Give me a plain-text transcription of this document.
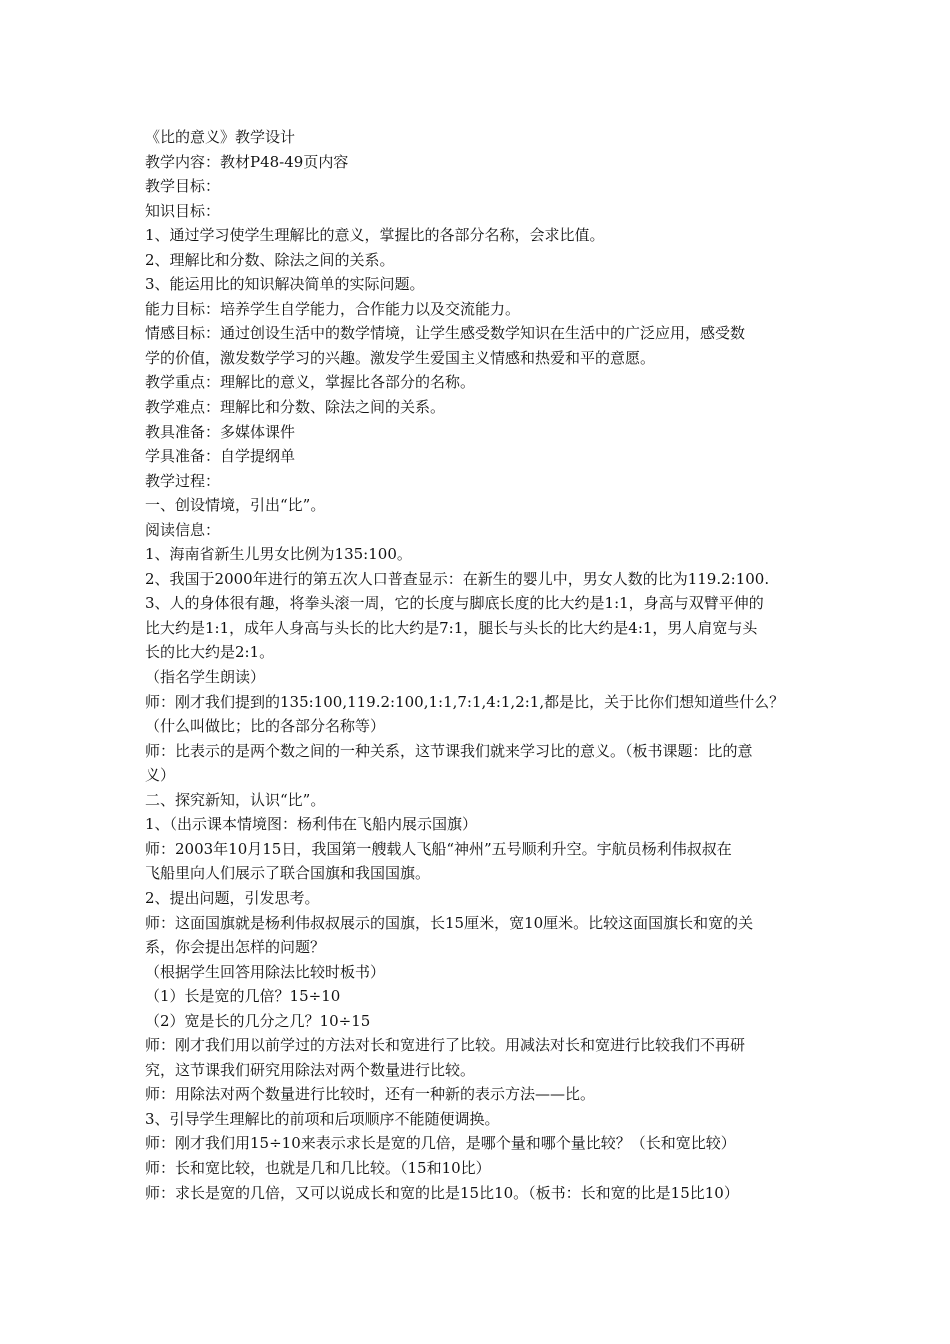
《比的意义》教学设计
教学内容：教材P48-49页内容
教学目标：
知识目标：
1、通过学习使学生理解比的意义，掌握比的各部分名称，会求比值。
2、理解比和分数、除法之间的关系。
3、能运用比的知识解决简单的实际问题。
能力目标：培养学生自学能力，合作能力以及交流能力。
情感目标：通过创设生活中的数学情境，让学生感受数学知识在生活中的广泛应用，感受数
学的价值，激发数学学习的兴趣。激发学生爱国主义情感和热爱和平的意愿。
教学重点：理解比的意义，掌握比各部分的名称。
教学难点：理解比和分数、除法之间的关系。
教具准备：多媒体课件
学具准备：自学提纲单
教学过程：
一、创设情境，引出“比”。
阅读信息：
1、海南省新生儿男女比例为135:100。
2、我国于2000年进行的第五次人口普查显示：在新生的婴儿中，男女人数的比为119.2:100.
3、人的身体很有趣，将拳头滚一周，它的长度与脚底长度的比大约是1:1，身高与双臂平伸的
比大约是1:1，成年人身高与头长的比大约是7:1，腿长与头长的比大约是4:1，男人肩宽与头
长的比大约是2:1。
（指名学生朗读）
师：刚才我们提到的135:100,119.2:100,1:1,7:1,4:1,2:1,都是比，关于比你们想知道些什么？
（什么叫做比；比的各部分名称等）
师：比表示的是两个数之间的一种关系，这节课我们就来学习比的意义。（板书课题：比的意
义）
二、探究新知，认识“比”。
1、（出示课本情境图：杨利伟在飞船内展示国旗）
师：2003年10月15日，我国第一艘载人飞船“神州”五号顺利升空。宇航员杨利伟叔叔在
飞船里向人们展示了联合国旗和我国国旗。
2、提出问题，引发思考。
师：这面国旗就是杨利伟叔叔展示的国旗，长15厘米，宽10厘米。比较这面国旗长和宽的关
系，你会提出怎样的问题？
（根据学生回答用除法比较时板书）
（1）长是宽的几倍？15÷10
（2）宽是长的几分之几？10÷15
师：刚才我们用以前学过的方法对长和宽进行了比较。用减法对长和宽进行比较我们不再研
究，这节课我们研究用除法对两个数量进行比较。
师：用除法对两个数量进行比较时，还有一种新的表示方法——比。
3、引导学生理解比的前项和后项顺序不能随便调换。
师：刚才我们用15÷10来表示求长是宽的几倍，是哪个量和哪个量比较？（长和宽比较）
师：长和宽比较，也就是几和几比较。（15和10比）
师：求长是宽的几倍，又可以说成长和宽的比是15比10。（板书：长和宽的比是15比10）
